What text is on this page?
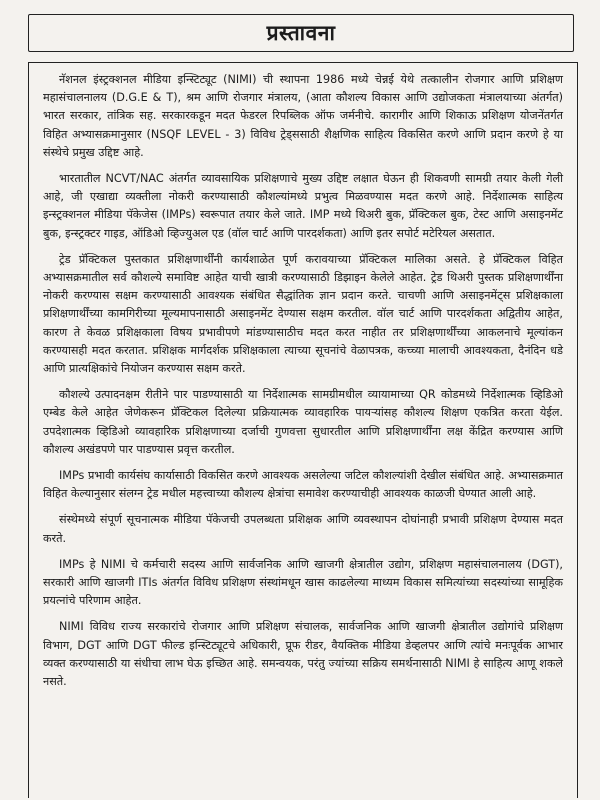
प्रस्तावना

नॅशनल इंस्ट्रक्शनल मीडिया इन्स्टिट्यूट (NIMI) ची स्थापना 1986 मध्ये चेन्नई येथे तत्कालीन रोजगार आणि प्रशिक्षण महासंचालनालय (D.G.E & T), श्रम आणि रोजगार मंत्रालय, (आता कौशल्य विकास आणि उद्योजकता मंत्रालयाच्या अंतर्गत) भारत सरकार, तांत्रिक सह. सरकारकडून मदत फेडरल रिपब्लिक ऑफ जर्मनीचे. कारागीर आणि शिकाऊ प्रशिक्षण योजनेंतर्गत विहित अभ्यासक्रमानुसार (NSQF LEVEL - 3) विविध ट्रेड्ससाठी शैक्षणिक साहित्य विकसित करणे आणि प्रदान करणे हे या संस्थेचे प्रमुख उद्दिष्ट आहे.

भारतातील NCVT/NAC अंतर्गत व्यावसायिक प्रशिक्षणाचे मुख्य उद्दिष्ट लक्षात घेऊन ही शिकवणी सामग्री तयार केली गेली आहे, जी एखाद्या व्यक्तीला नोकरी करण्यासाठी कौशल्यांमध्ये प्रभुत्व मिळवण्यास मदत करणे आहे. निर्देशात्मक साहित्य इन्स्ट्रक्शनल मीडिया पॅकेजेस (IMPs) स्वरूपात तयार केले जाते. IMP मध्ये थिअरी बुक, प्रॅक्टिकल बुक, टेस्ट आणि असाइनमेंट बुक, इन्स्ट्रक्टर गाइड, ऑडिओ व्हिज्युअल एड (वॉल चार्ट आणि पारदर्शकता) आणि इतर सपोर्ट मटेरियल असतात.

ट्रेड प्रॅक्टिकल पुस्तकात प्रशिक्षणार्थींनी कार्यशाळेत पूर्ण करावयाच्या प्रॅक्टिकल मालिका असते. हे प्रॅक्टिकल विहित अभ्यासक्रमातील सर्व कौशल्ये समाविष्ट आहेत याची खात्री करण्यासाठी डिझाइन केलेले आहेत. ट्रेड थिअरी पुस्तक प्रशिक्षणार्थींना नोकरी करण्यास सक्षम करण्यासाठी आवश्यक संबंधित सैद्धांतिक ज्ञान प्रदान करते. चाचणी आणि असाइनमेंट्स प्रशिक्षकाला प्रशिक्षणार्थींच्या कामगिरीच्या मूल्यमापनासाठी असाइनमेंट देण्यास सक्षम करतील. वॉल चार्ट आणि पारदर्शकता अद्वितीय आहेत, कारण ते केवळ प्रशिक्षकाला विषय प्रभावीपणे मांडण्यासाठीच मदत करत नाहीत तर प्रशिक्षणार्थींच्या आकलनाचे मूल्यांकन करण्यासही मदत करतात. प्रशिक्षक मार्गदर्शक प्रशिक्षकाला त्याच्या सूचनांचे वेळापत्रक, कच्च्या मालाची आवश्यकता, दैनंदिन धडे आणि प्रात्यक्षिकांचे नियोजन करण्यास सक्षम करते.

कौशल्ये उत्पादनक्षम रीतीने पार पाडण्यासाठी या निर्देशात्मक सामग्रीमधील व्यायामाच्या QR कोडमध्ये निर्देशात्मक व्हिडिओ एम्बेड केले आहेत जेणेकरून प्रॅक्टिकल दिलेल्या प्रक्रियात्मक व्यावहारिक पायऱ्यांसह कौशल्य शिक्षण एकत्रित करता येईल. उपदेशात्मक व्हिडिओ व्यावहारिक प्रशिक्षणाच्या दर्जाची गुणवत्ता सुधारतील आणि प्रशिक्षणार्थींना लक्ष केंद्रित करण्यास आणि कौशल्य अखंडपणे पार पाडण्यास प्रवृत्त करतील.

IMPs प्रभावी कार्यसंघ कार्यासाठी विकसित करणे आवश्यक असलेल्या जटिल कौशल्यांशी देखील संबंधित आहे. अभ्यासक्रमात विहित केल्यानुसार संलग्न ट्रेड मधील महत्त्वाच्या कौशल्य क्षेत्रांचा समावेश करण्याचीही आवश्यक काळजी घेण्यात आली आहे.

संस्थेमध्ये संपूर्ण सूचनात्मक मीडिया पॅकेजची उपलब्धता प्रशिक्षक आणि व्यवस्थापन दोघांनाही प्रभावी प्रशिक्षण देण्यास मदत करते.

IMPs हे NIMI चे कर्मचारी सदस्य आणि सार्वजनिक आणि खाजगी क्षेत्रातील उद्योग, प्रशिक्षण महासंचालनालय (DGT), सरकारी आणि खाजगी ITIs अंतर्गत विविध प्रशिक्षण संस्थांमधून खास काढलेल्या माध्यम विकास समित्यांच्या सदस्यांच्या सामूहिक प्रयत्नांचे परिणाम आहेत.

NIMI विविध राज्य सरकारांचे रोजगार आणि प्रशिक्षण संचालक, सार्वजनिक आणि खाजगी क्षेत्रातील उद्योगांचे प्रशिक्षण विभाग, DGT आणि DGT फील्ड इन्स्टिट्यूटचे अधिकारी, प्रूफ रीडर, वैयक्तिक मीडिया डेव्हलपर आणि त्यांचे मनःपूर्वक आभार व्यक्त करण्यासाठी या संधीचा लाभ घेऊ इच्छित आहे. समन्वयक, परंतु ज्यांच्या सक्रिय समर्थनासाठी NIMI हे साहित्य आणू शकले नसते.
